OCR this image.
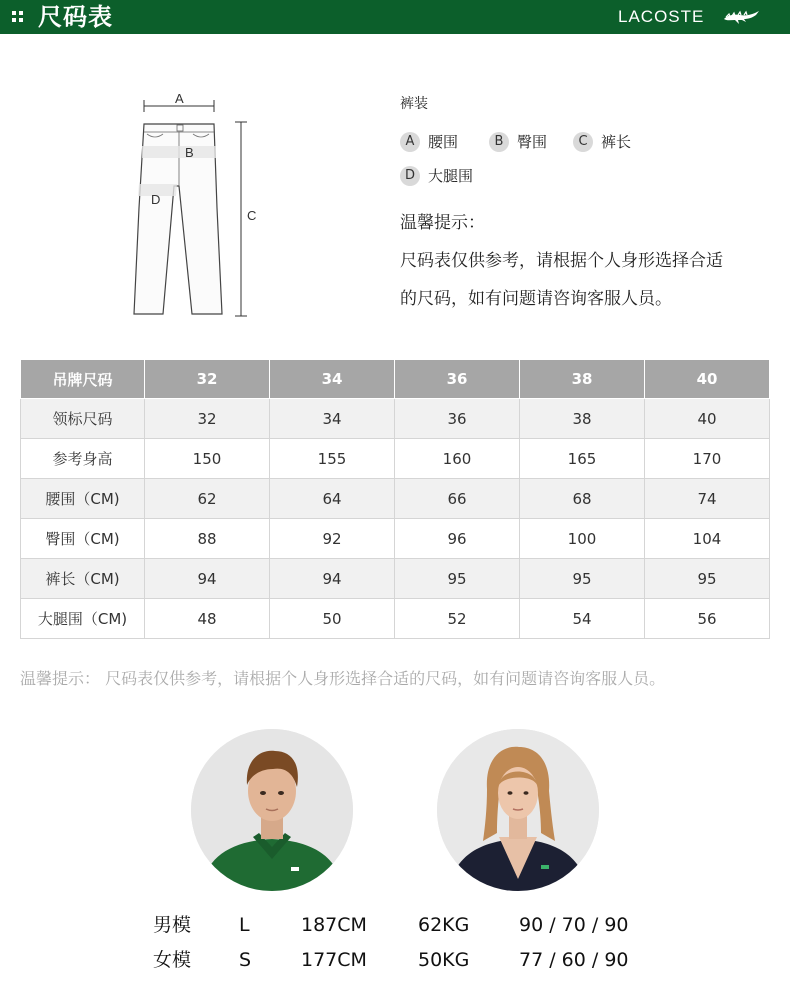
尺码表	LACOSTE
A
B
D
C
裤装
A 腰围	B 臀围	C 裤长
D 大腿围
温馨提示：
尺码表仅供参考，请根据个人身形选择合适
的尺码，如有问题请咨询客服人员。
吊牌尺码	32	34	36	38	40
领标尺码	32	34	36	38	40
参考身高	150	155	160	165	170
腰围（CM)	62	64	66	68	74
臀围（CM)	88	92	96	100	104
裤长（CM)	94	94	95	95	95
大腿围（CM)	48	50	52	54	56
温馨提示： 尺码表仅供参考，请根据个人身形选择合适的尺码，如有问题请咨询客服人员。
男模	L	187CM	62KG	90 / 70 / 90
女模	S	177CM	50KG	77 / 60 / 90
